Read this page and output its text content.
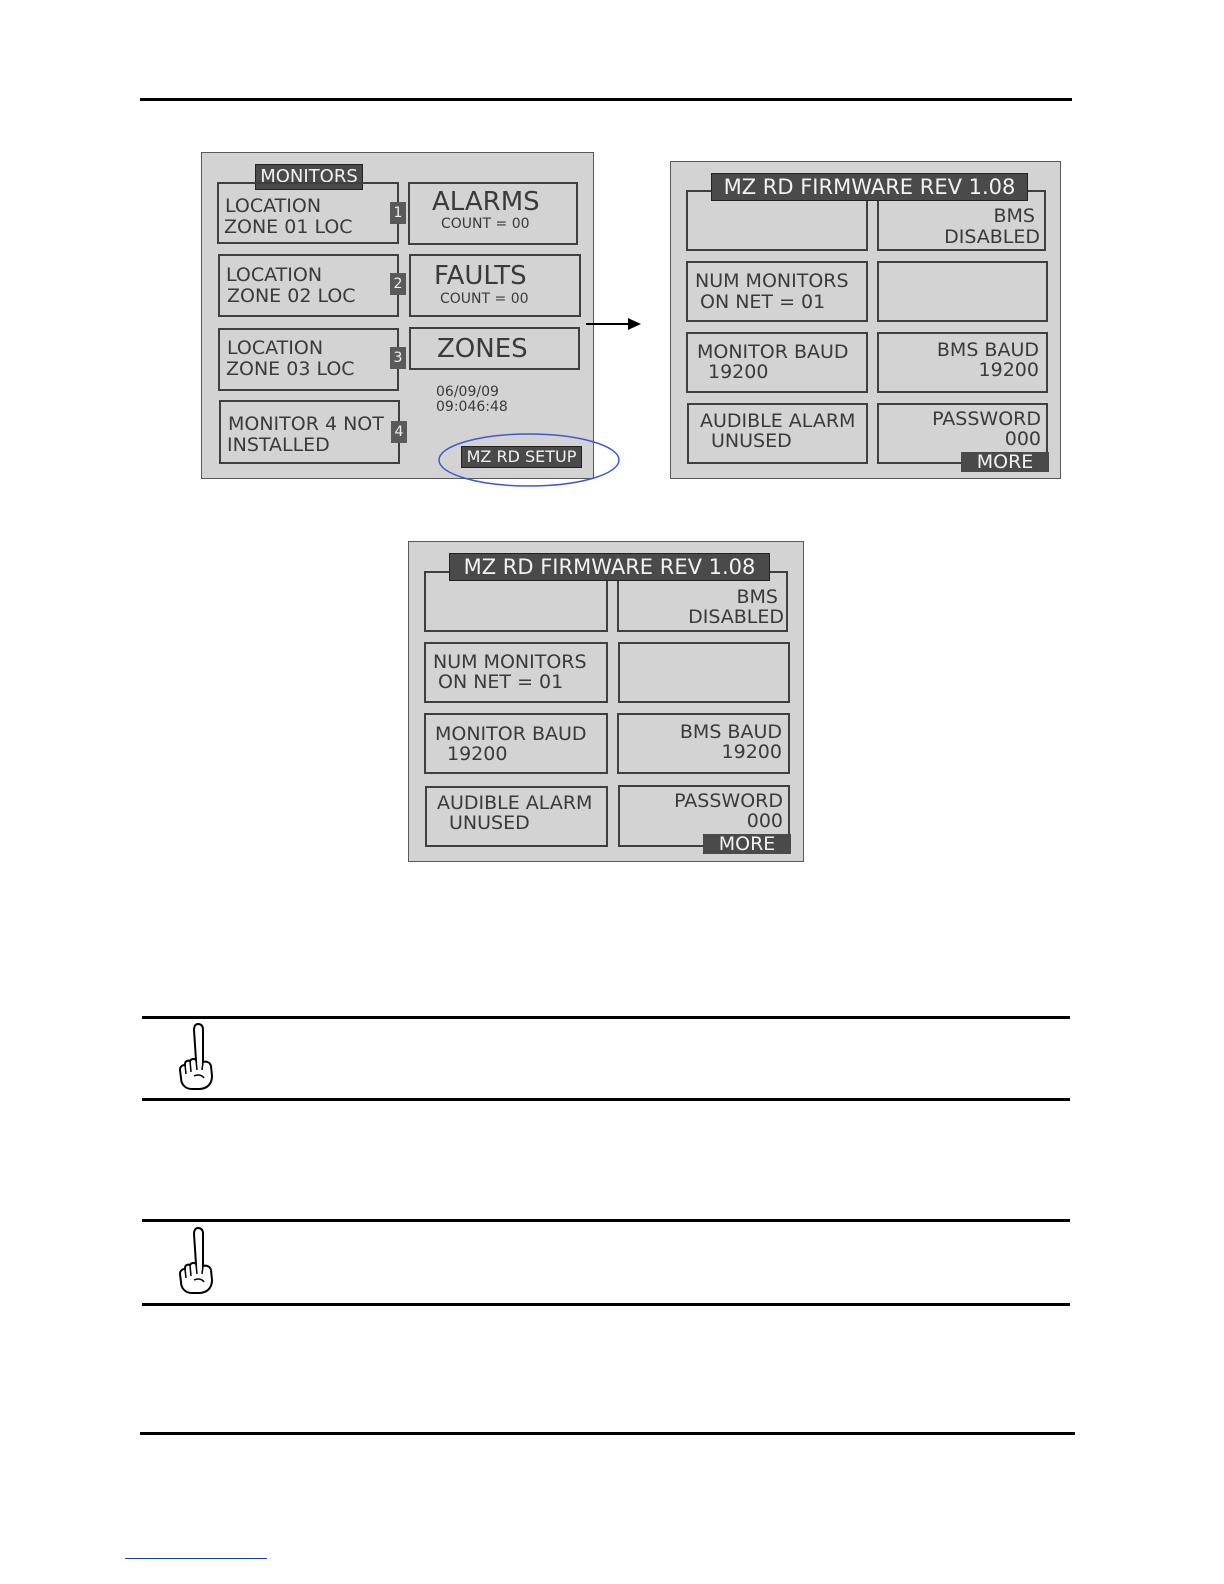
MONITORS
LOCATION
ZONE 01 LOC
1
LOCATION
ZONE 02 LOC
2
LOCATION
ZONE 03 LOC	3
MONITOR 4 NOT
INSTALLED
4
ALARMS
COUNT = 00
FAULTS
COUNT = 00
ZONES
06/09/09
09:046:48
MZ RD SETUP
BMS
DISABLED
NUM MONITORS
ON NET = 01
MONITOR BAUD
19200
BMS BAUD
19200
AUDIBLE ALARM
UNUSED
PASSWORD
000
MORE
MZ RD FIRMWARE REV 1.08
BMS
DISABLED
NUM MONITORS
ON NET = 01
MONITOR BAUD
19200
BMS BAUD
19200
AUDIBLE ALARM
UNUSED
PASSWORD
000
MORE
MZ RD FIRMWARE REV 1.08
